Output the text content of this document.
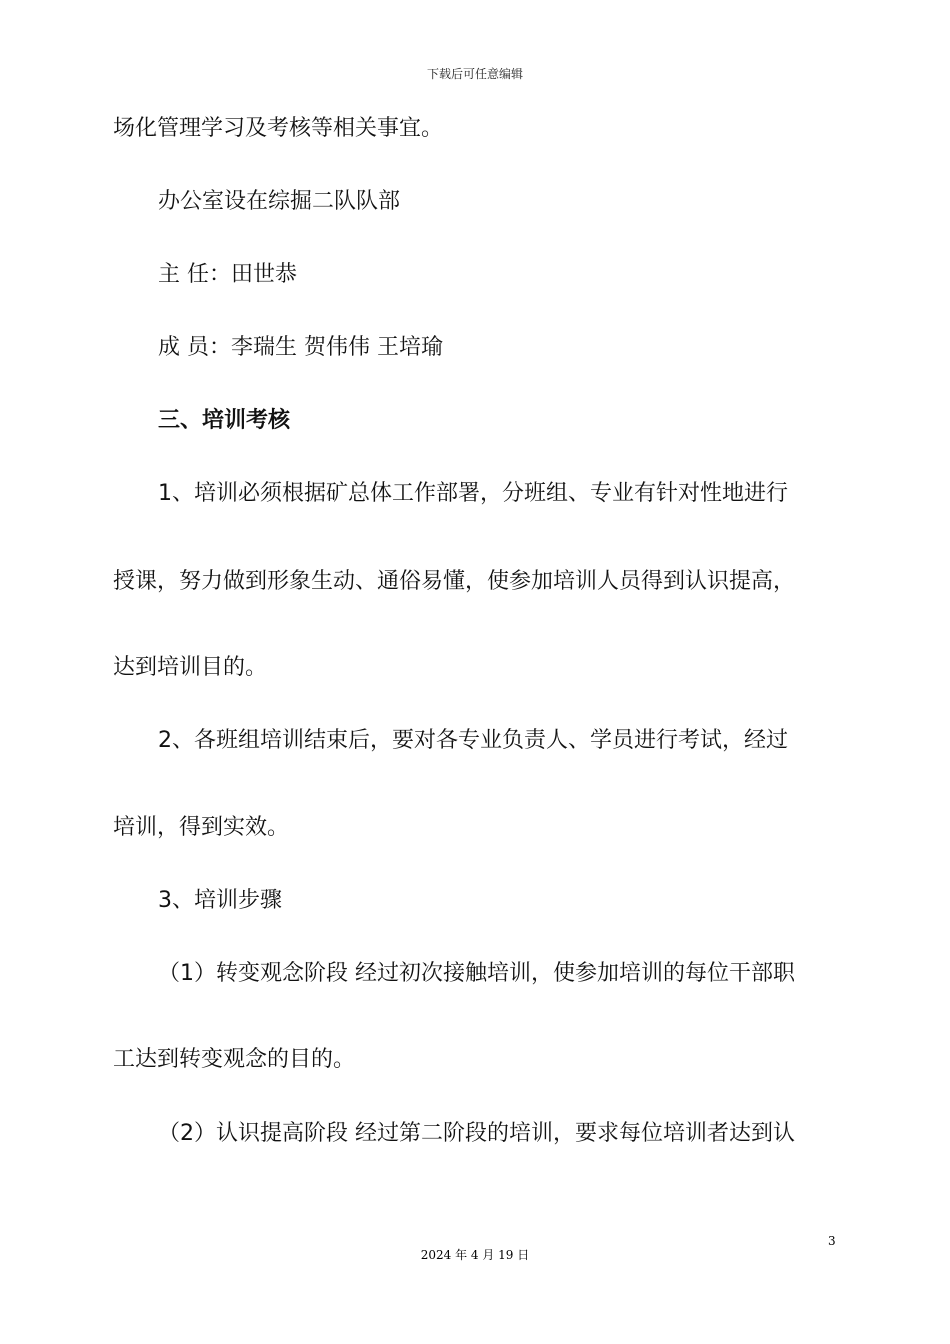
下载后可任意编辑
场化管理学习及考核等相关事宜。
办公室设在综掘二队队部
主 任：田世恭
成 员：李瑞生 贺伟伟 王培瑜
三、培训考核
1、培训必须根据矿总体工作部署，分班组、专业有针对性地进行
授课，努力做到形象生动、通俗易懂，使参加培训人员得到认识提高，
达到培训目的。
2、各班组培训结束后，要对各专业负责人、学员进行考试，经过
培训，得到实效。
3、培训步骤
（1）转变观念阶段 经过初次接触培训，使参加培训的每位干部职
工达到转变观念的目的。
（2）认识提高阶段 经过第二阶段的培训，要求每位培训者达到认
3
2024 年 4 月 19 日
